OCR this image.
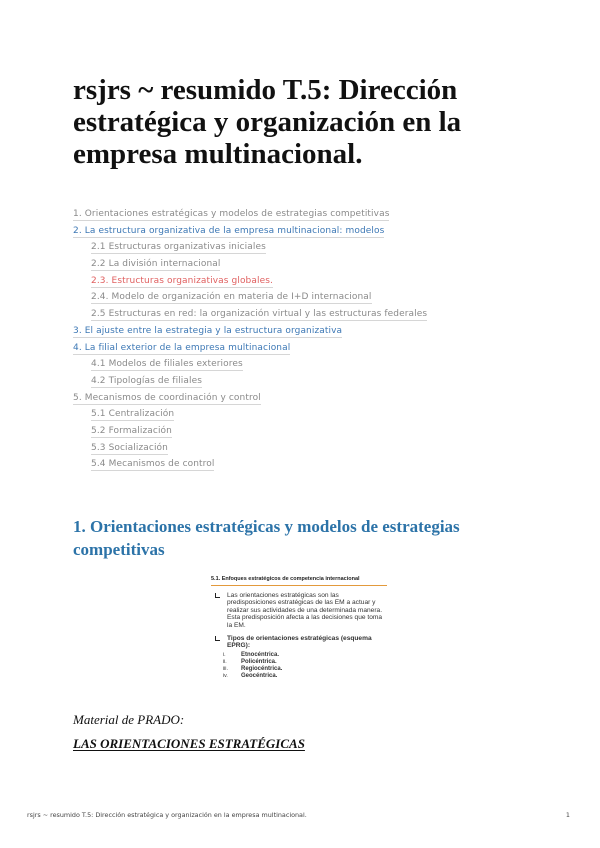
rsjrs ~ resumido T.5: Dirección estratégica y organización en la empresa multinacional.
1. Orientaciones estratégicas y modelos de estrategias competitivas
2. La estructura organizativa de la empresa multinacional: modelos
2.1 Estructuras organizativas iniciales
2.2 La división internacional
2.3. Estructuras organizativas globales.
2.4. Modelo de organización en materia de I+D internacional
2.5 Estructuras en red: la organización virtual y las estructuras federales
3. El ajuste entre la estrategia y la estructura organizativa
4. La filial exterior de la empresa multinacional
4.1 Modelos de filiales exteriores
4.2 Tipologías de filiales
5. Mecanismos de coordinación y control
5.1 Centralización
5.2 Formalización
5.3 Socialización
5.4 Mecanismos de control
1. Orientaciones estratégicas y modelos de estrategias competitivas
5.1. Enfoques estratégicos de competencia internacional
Las orientaciones estratégicas son las predisposiciones estratégicas de las EM a actuar y realizar sus actividades de una determinada manera. Esta predisposición afecta a las decisiones que toma la EM.
Tipos de orientaciones estratégicas (esquema EPRG):
i.	Etnocéntrica.
ii.	Policéntrica.
iii.	Regiocéntrica.
iv.	Geocéntrica.

Material de PRADO:

LAS ORIENTACIONES ESTRATÉGICAS

rsjrs ~ resumido T.5: Dirección estratégica y organización en la empresa multinacional.	1
